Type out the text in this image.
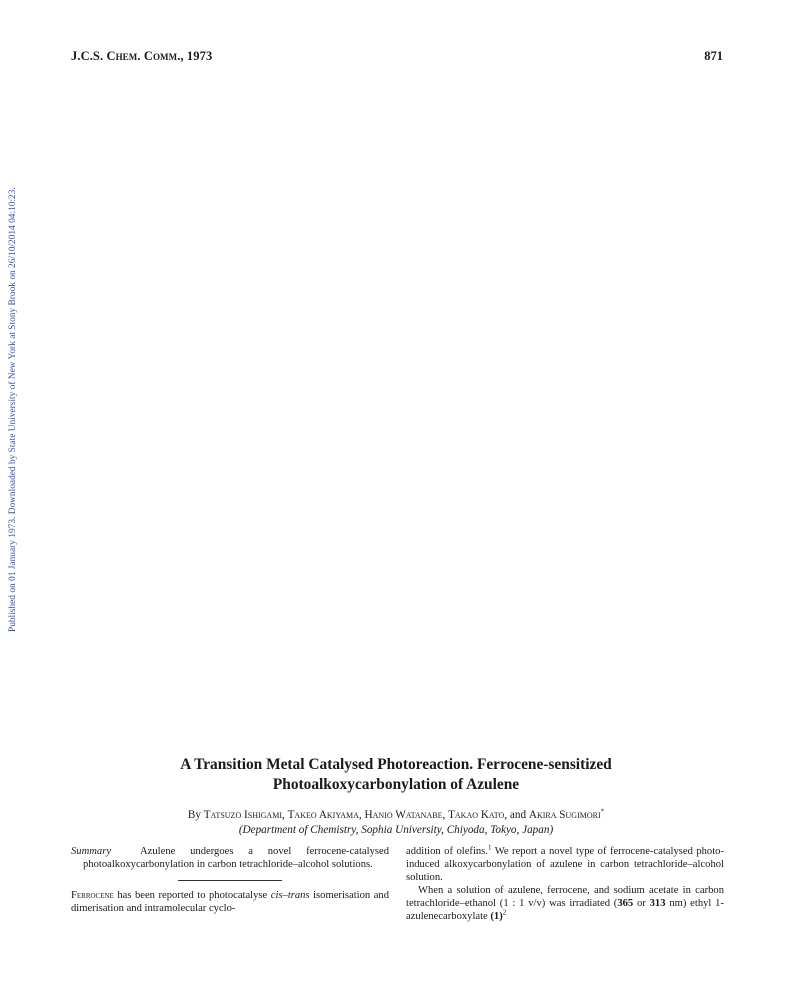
J.C.S. Chem. Comm., 1973	871
Published on 01 January 1973. Downloaded by State University of New York at Stony Brook on 26/10/2014 04:10:23.
A Transition Metal Catalysed Photoreaction. Ferrocene-sensitized
Photoalkoxycarbonylation of Azulene
By Tatsuzo Ishigami, Takeo Akiyama, Hanio Watanabe, Takao Kato, and Akira Sugimori*
(Department of Chemistry, Sophia University, Chiyoda, Tokyo, Japan)

Summary	Azulene undergoes a novel ferrocene-catalysed photoalkoxycarbonylation in carbon tetrachloride–alcohol solutions.

Ferrocene has been reported to photocatalyse cis–trans isomerisation and dimerisation and intramolecular cyclo-

addition of olefins.$^1$ We report a novel type of ferrocene-catalysed photo-induced alkoxycarbonylation of azulene in carbon tetrachloride–alcohol solution.

When a solution of azulene, ferrocene, and sodium acetate in carbon tetrachloride–ethanol (1 : 1 v/v) was irradiated (365 or 313 nm) ethyl 1-azulenecarboxylate $(1)^2$
